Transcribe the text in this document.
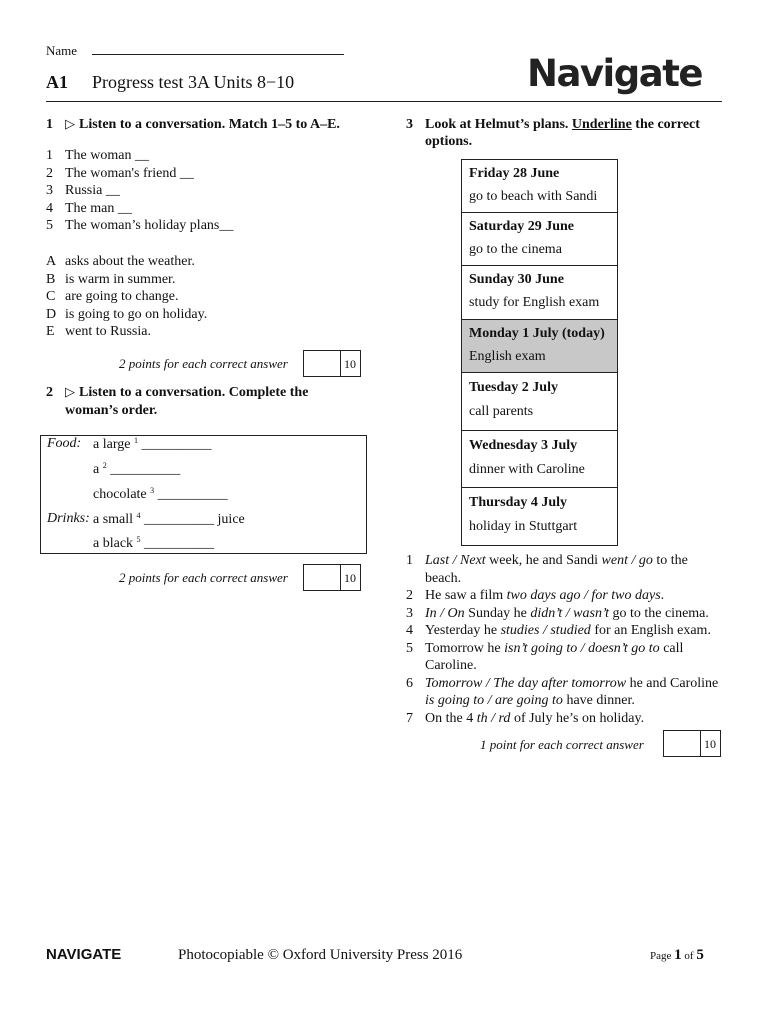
Name
A1 Progress test 3A Units 8−10	Navigate
1 ▷ Listen to a conversation. Match 1–5 to A–E.
1 The woman __
2 The woman's friend __
3 Russia __
4 The man __
5 The woman’s holiday plans__
A asks about the weather.
B is warm in summer.
C are going to change.
D is going to go on holiday.
E went to Russia.
2 points for each correct answer	10
2 ▷ Listen to a conversation. Complete the
woman’s order.
Food: a large $^1$ __________
a $^2$ __________
chocolate $^3$ __________
Drinks: a small $^4$ __________ juice
a black $^5$ __________
2 points for each correct answer	10
3 Look at Helmut’s plans. Underline the correct
options.
Friday 28 June
go to beach with Sandi
Saturday 29 June
go to the cinema
Sunday 30 June
study for English exam
Monday 1 July (today)
English exam
Tuesday 2 July
call parents
Wednesday 3 July
dinner with Caroline
Thursday 4 July
holiday in Stuttgart
1 Last / Next week, he and Sandi went / go to the beach.
2 He saw a film two days ago / for two days.
3 In / On Sunday he didn’t / wasn’t go to the cinema.
4 Yesterday he studies / studied for an English exam.
5 Tomorrow he isn’t going to / doesn’t go to call Caroline.
6 Tomorrow / The day after tomorrow he and Caroline is going to / are going to have dinner.
7 On the 4 th / rd of July he’s on holiday.
1 point for each correct answer	10
NAVIGATE	Photocopiable © Oxford University Press 2016	Page 1 of 5
